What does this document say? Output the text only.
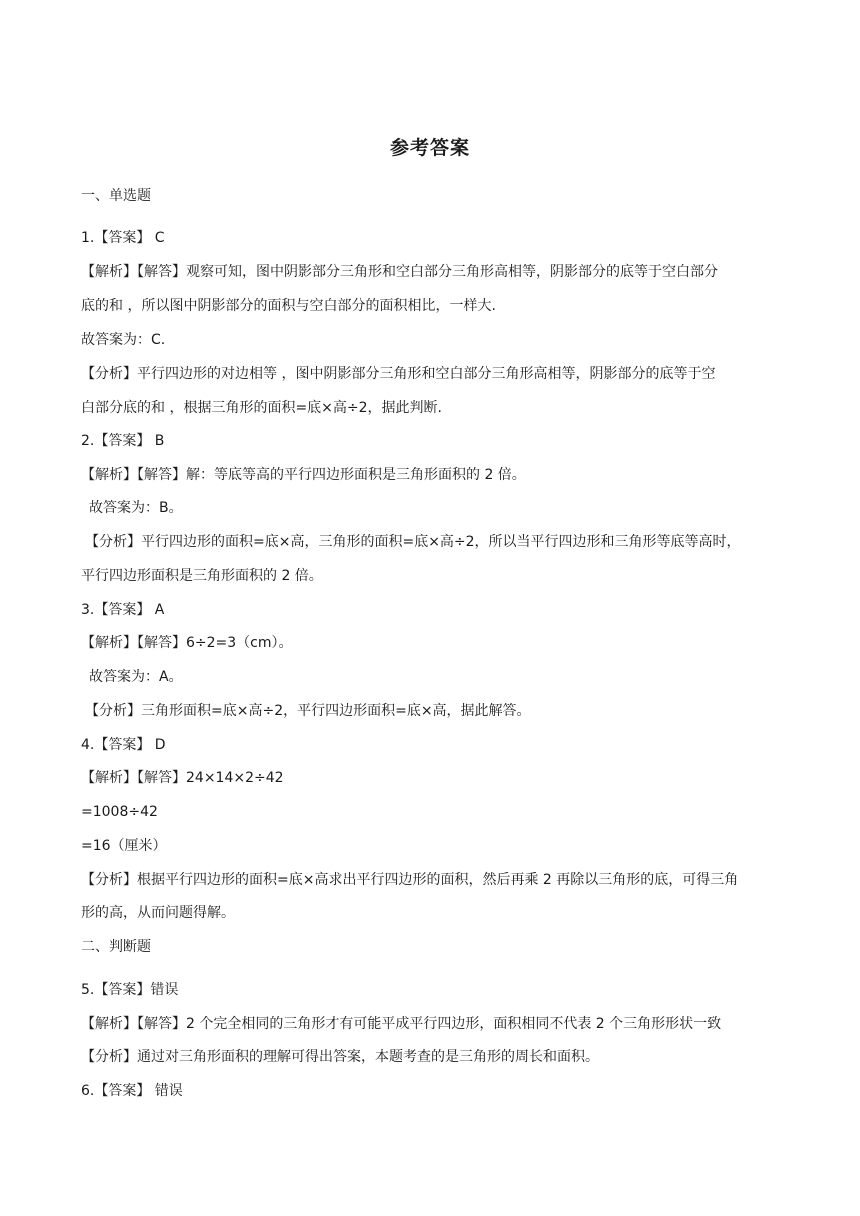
参考答案
一、单选题
1.【答案】 C
【解析】【解答】观察可知，图中阴影部分三角形和空白部分三角形高相等，阴影部分的底等于空白部分
底的和 ，所以图中阴影部分的面积与空白部分的面积相比，一样大.
故答案为：C.
【分析】平行四边形的对边相等 ，图中阴影部分三角形和空白部分三角形高相等，阴影部分的底等于空
白部分底的和 ，根据三角形的面积=底×高÷2，据此判断.
2.【答案】 B
【解析】【解答】解：等底等高的平行四边形面积是三角形面积的 2 倍。
故答案为：B。
【分析】平行四边形的面积=底×高，三角形的面积=底×高÷2，所以当平行四边形和三角形等底等高时，
平行四边形面积是三角形面积的 2 倍。
3.【答案】 A
【解析】【解答】6÷2=3（cm）。
故答案为：A。
【分析】三角形面积=底×高÷2，平行四边形面积=底×高，据此解答。
4.【答案】 D
【解析】【解答】24×14×2÷42
=1008÷42
=16（厘米）
【分析】根据平行四边形的面积=底×高求出平行四边形的面积，然后再乘 2 再除以三角形的底，可得三角
形的高，从而问题得解。
二、判断题
5.【答案】错误
【解析】【解答】2 个完全相同的三角形才有可能平成平行四边形，面积相同不代表 2 个三角形形状一致
【分析】通过对三角形面积的理解可得出答案，本题考查的是三角形的周长和面积。
6.【答案】 错误
